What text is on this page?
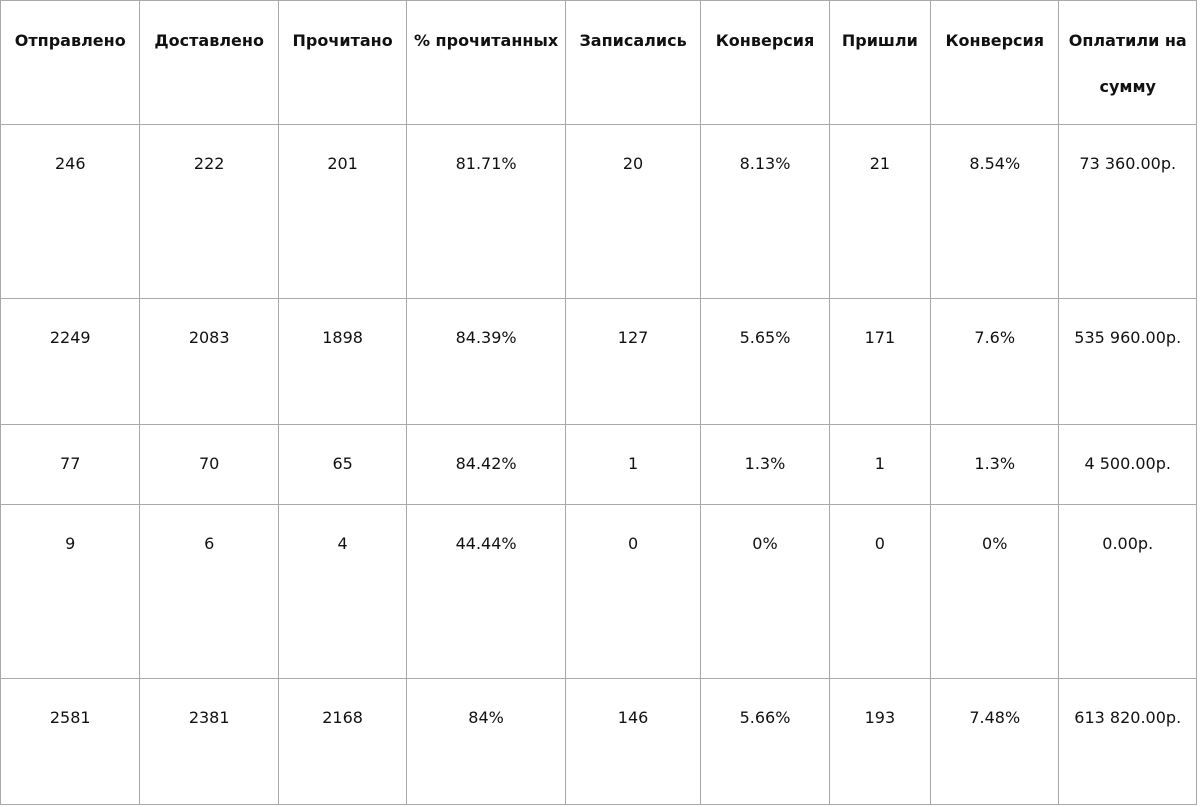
Отправлено	Доставлено	Прочитано	% прочитанных	Записались	Конверсия	Пришли	Конверсия	Оплатили на сумму
246	222	201	81.71%	20	8.13%	21	8.54%	73 360.00р.
2249	2083	1898	84.39%	127	5.65%	171	7.6%	535 960.00р.
77	70	65	84.42%	1	1.3%	1	1.3%	4 500.00р.
9	6	4	44.44%	0	0%	0	0%	0.00р.
2581	2381	2168	84%	146	5.66%	193	7.48%	613 820.00р.
